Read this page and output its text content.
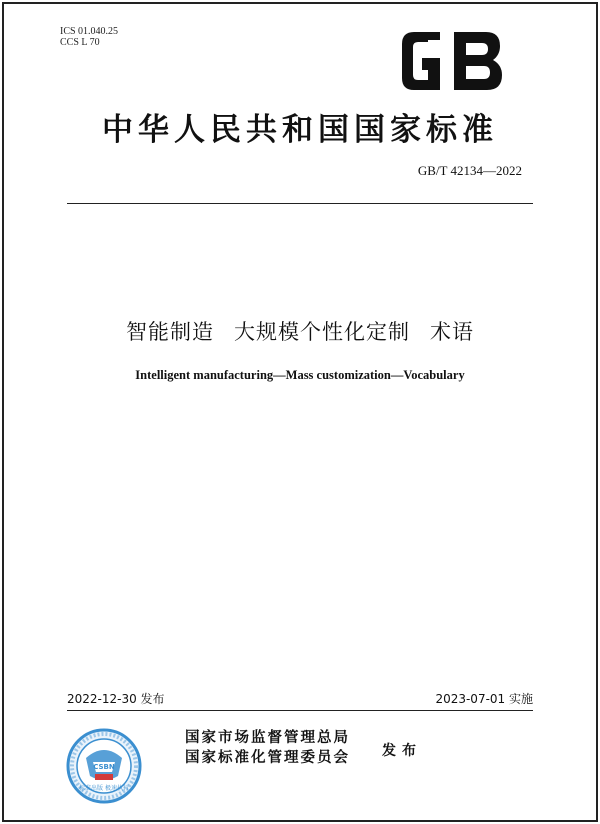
ICS 01.040.25
CCS L 70
GB
中华人民共和国国家标准
GB/T 42134—2022
智能制造 大规模个性化定制 术语
Intelligent manufacturing—Mass customization—Vocabulary
2022-12-30 发布	2023-07-01 实施
标准出版 极速执行
CSBN
国家市场监督管理总局
国家标准化管理委员会 发布
